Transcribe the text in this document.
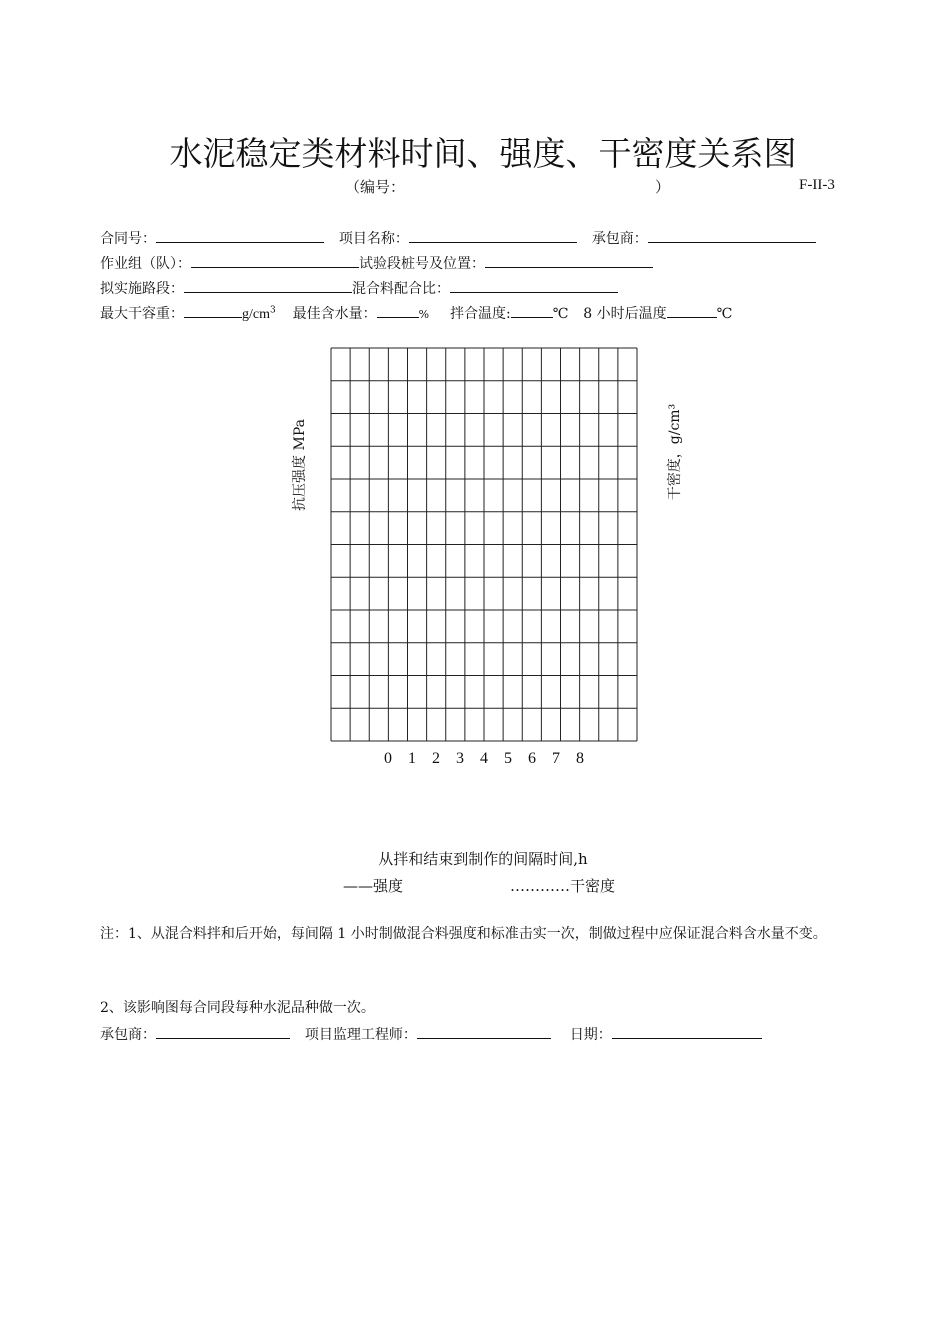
水泥稳定类材料时间、强度、干密度关系图
（编号：	）	F-II-3
合同号：	项目名称：	承包商：
作业组（队）：	试验段桩号及位置：
拟实施路段：	混合料配合比：
最大干容重：	$g/cm^3$ 最佳含水量：	% 拌合温度:	℃ 8 小时后温度	℃
抗压强度 MPa	干密度，g/cm³
0 1 2 3 4 5 6 7 8
从拌和结束到制作的间隔时间,h
——强度	…………干密度
注：1、从混合料拌和后开始，每间隔 1 小时制做混合料强度和标准击实一次，制做过程中应保证混合料含水量不变。
2、该影响图每合同段每种水泥品种做一次。
承包商：	项目监理工程师：	日期：
